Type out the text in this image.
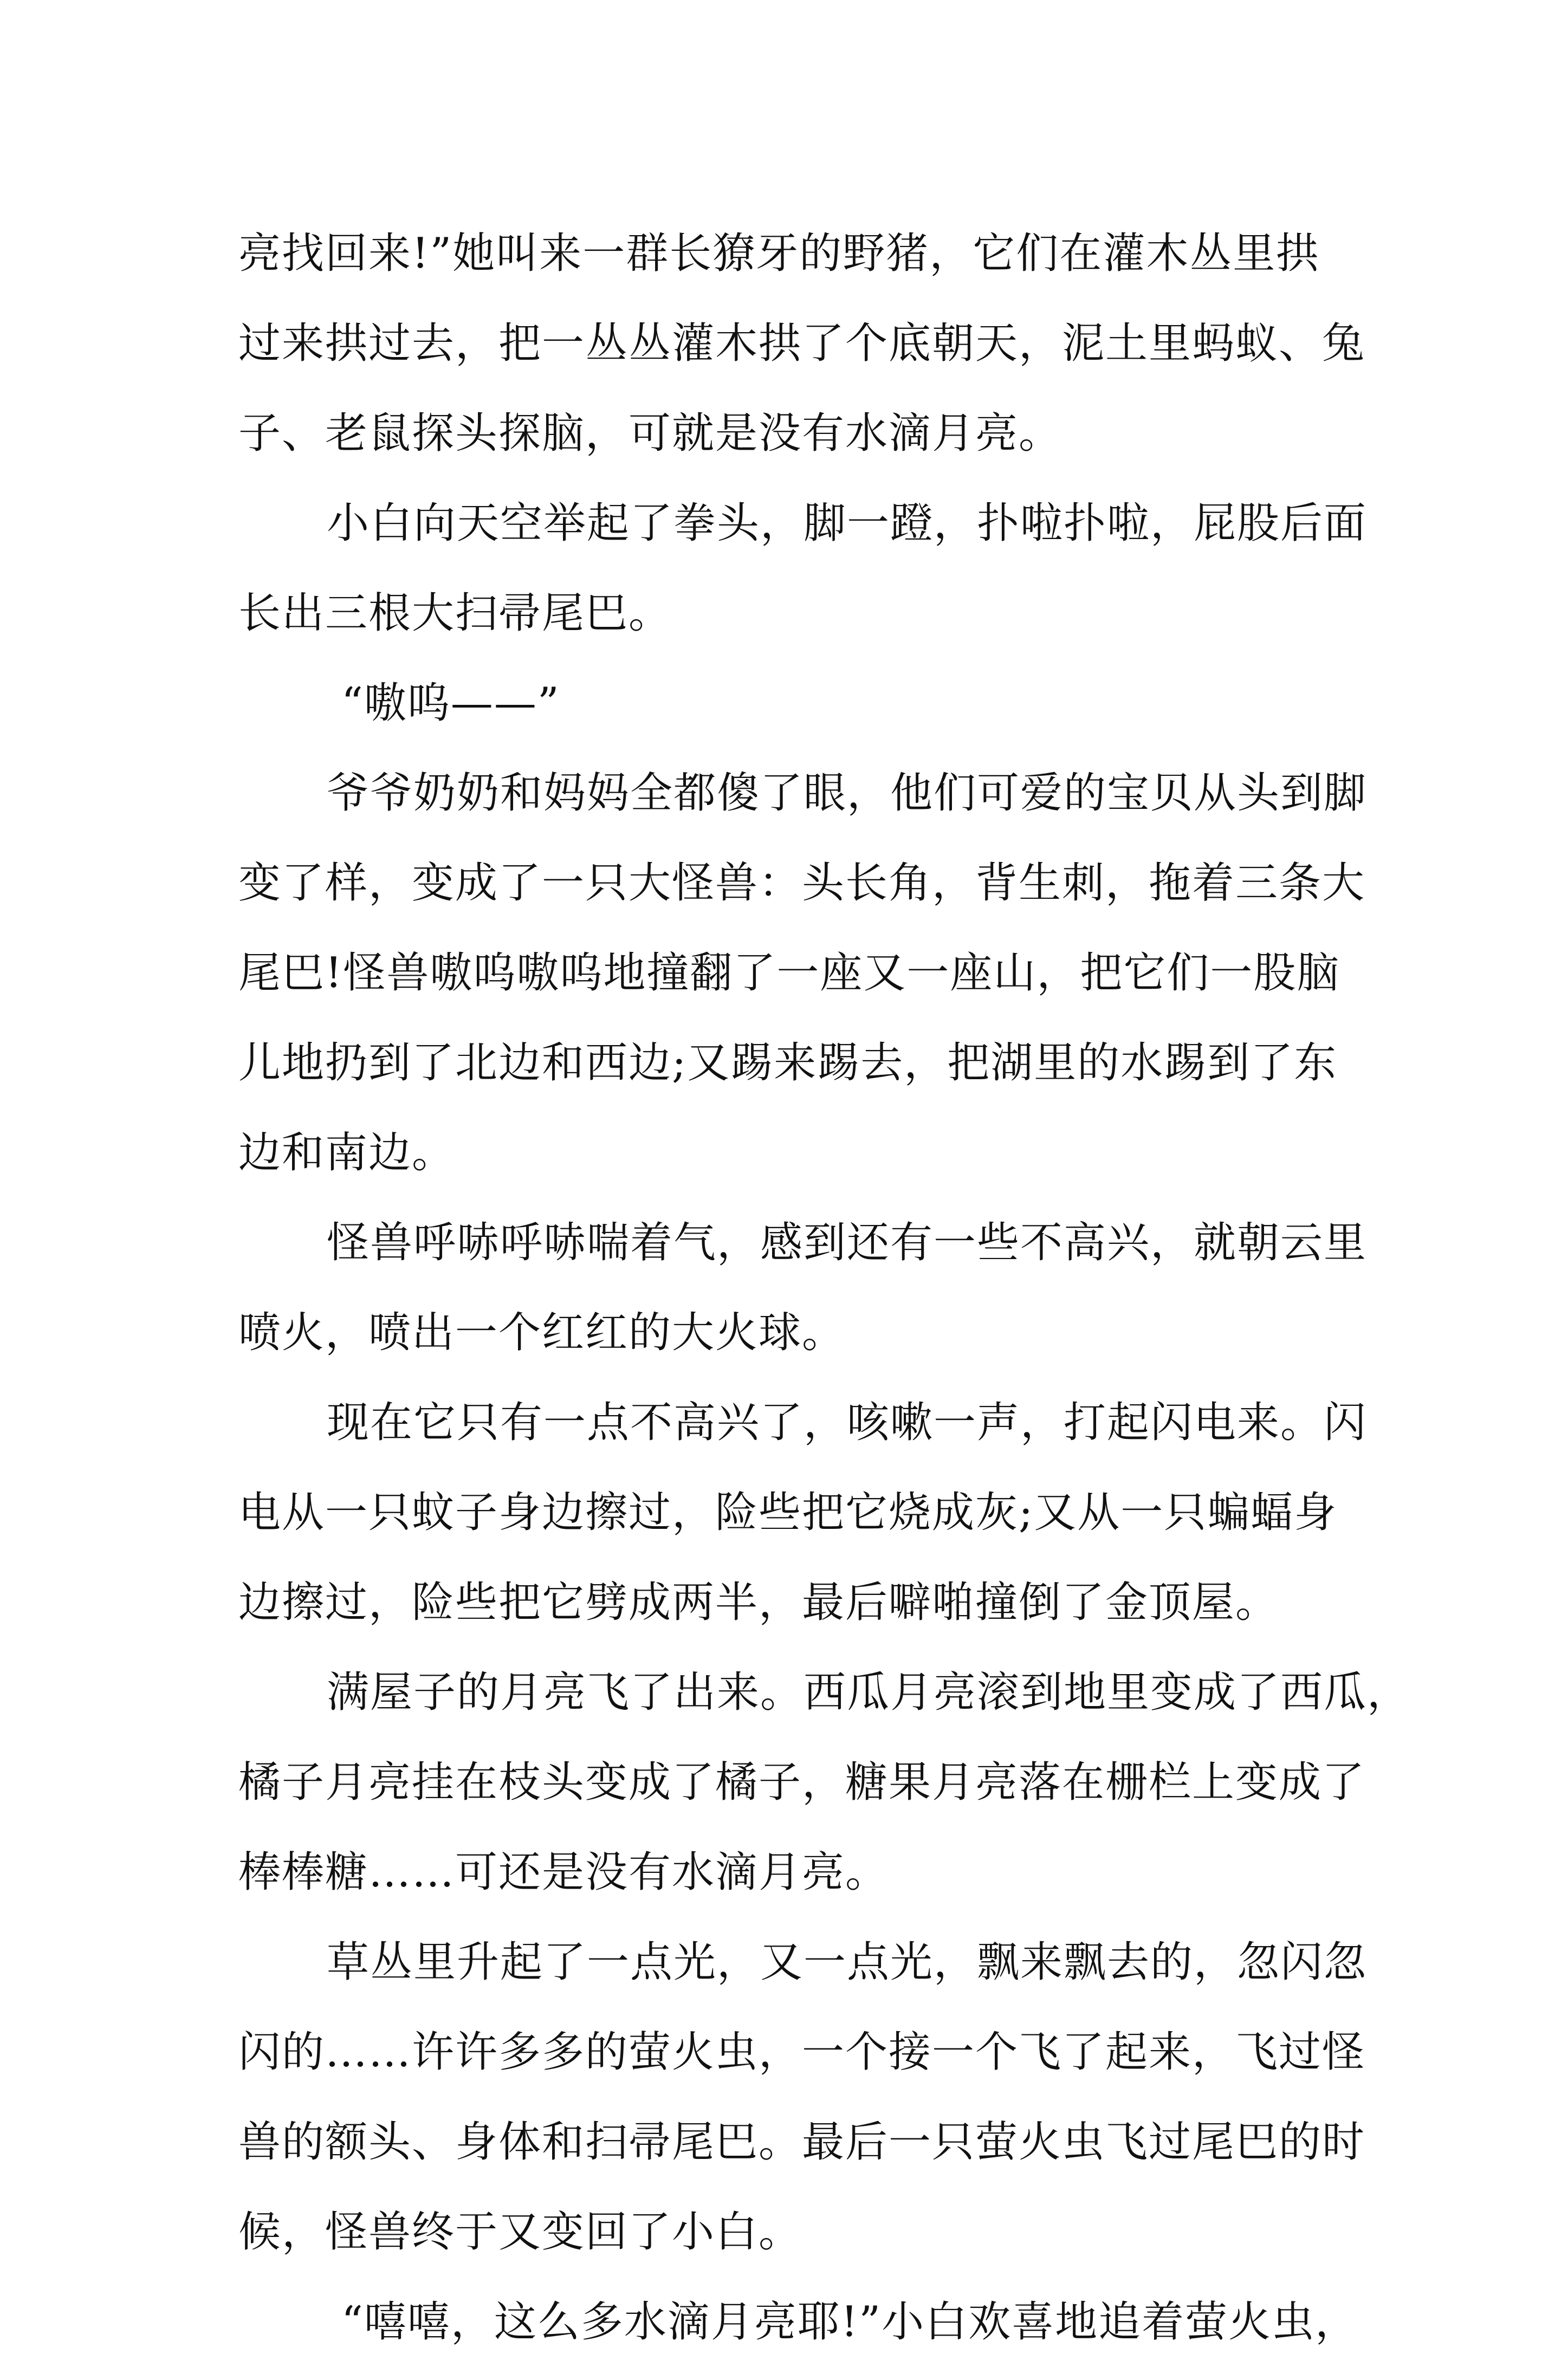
亮找回来!”她叫来一群长獠牙的野猪，它们在灌木丛里拱
过来拱过去，把一丛丛灌木拱了个底朝天，泥土里蚂蚁、兔
子、老鼠探头探脑，可就是没有水滴月亮。
小白向天空举起了拳头，脚一蹬，扑啦扑啦，屁股后面
长出三根大扫帚尾巴。
“嗷呜——”
爷爷奶奶和妈妈全都傻了眼，他们可爱的宝贝从头到脚
变了样，变成了一只大怪兽：头长角，背生刺，拖着三条大
尾巴!怪兽嗷呜嗷呜地撞翻了一座又一座山，把它们一股脑
儿地扔到了北边和西边;又踢来踢去，把湖里的水踢到了东
边和南边。
怪兽呼哧呼哧喘着气，感到还有一些不高兴，就朝云里
喷火，喷出一个红红的大火球。
现在它只有一点不高兴了，咳嗽一声，打起闪电来。闪
电从一只蚊子身边擦过，险些把它烧成灰;又从一只蝙蝠身
边擦过，险些把它劈成两半，最后噼啪撞倒了金顶屋。
满屋子的月亮飞了出来。西瓜月亮滚到地里变成了西瓜，
橘子月亮挂在枝头变成了橘子，糖果月亮落在栅栏上变成了
棒棒糖……可还是没有水滴月亮。
草丛里升起了一点光，又一点光，飘来飘去的，忽闪忽
闪的……许许多多的萤火虫，一个接一个飞了起来，飞过怪
兽的额头、身体和扫帚尾巴。最后一只萤火虫飞过尾巴的时
候，怪兽终于又变回了小白。
“嘻嘻，这么多水滴月亮耶!”小白欢喜地追着萤火虫，
